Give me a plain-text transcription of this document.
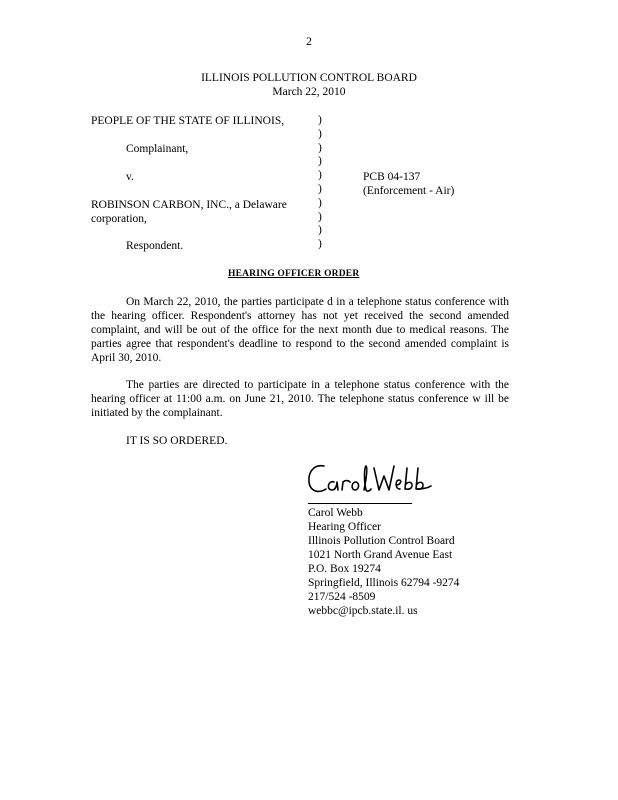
2
ILLINOIS POLLUTION CONTROL BOARD
March 22, 2010
PEOPLE OF THE STATE OF ILLINOIS,
Complainant,
v.
ROBINSON CARBON, INC., a Delaware
corporation,
Respondent.
)
)
)
)
)
)
)
)
)
)
PCB 04-137
(Enforcement - Air)
HEARING OFFICER ORDER
On March 22, 2010, the parties participate d in a telephone status conference with the hearing officer. Respondent's attorney has not yet received the second amended complaint, and will be out of the office for the next month due to medical reasons. The parties agree that respondent's deadline to respond to the second amended complaint is April 30, 2010.
The parties are directed to participate in a telephone status conference with the hearing officer at 11:00 a.m. on June 21, 2010. The telephone status conference w ill be initiated by the complainant.
IT IS SO ORDERED.
Carol Webb
Hearing Officer
Illinois Pollution Control Board
1021 North Grand Avenue East
P.O. Box 19274
Springfield, Illinois 62794 -9274
217/524 -8509
webbc@ipcb.state.il. us
